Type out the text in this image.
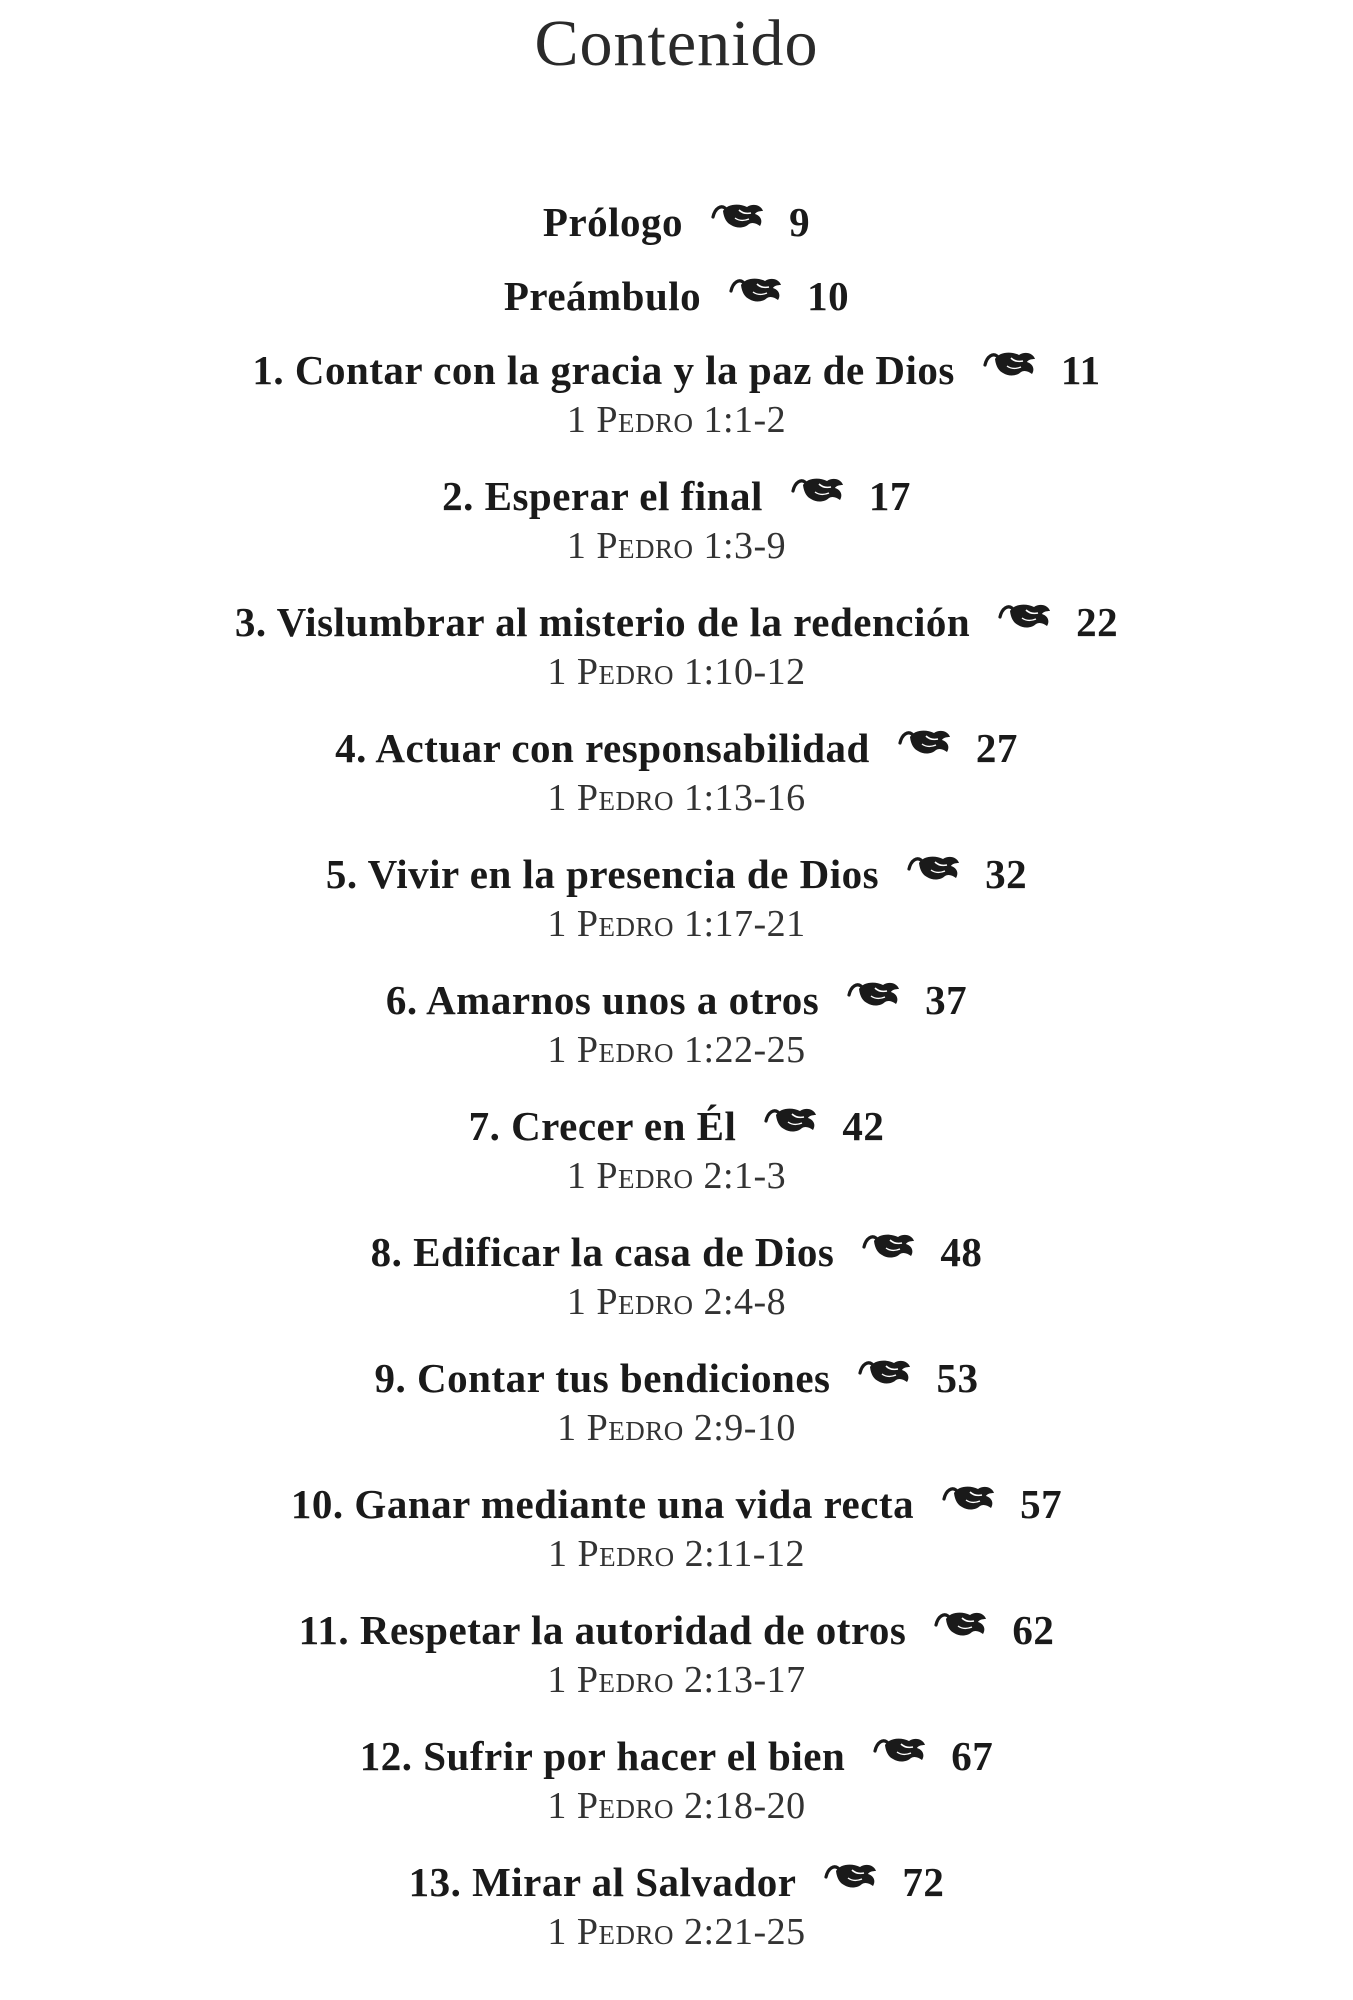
Contenido
Prólogo	9
Preámbulo	10
1. Contar con la gracia y la paz de Dios	11
1 Pedro 1:1-2
2. Esperar el final	17
1 Pedro 1:3-9
3. Vislumbrar al misterio de la redención	22
1 Pedro 1:10-12
4. Actuar con responsabilidad	27
1 Pedro 1:13-16
5. Vivir en la presencia de Dios	32
1 Pedro 1:17-21
6. Amarnos unos a otros	37
1 Pedro 1:22-25
7. Crecer en Él	42
1 Pedro 2:1-3
8. Edificar la casa de Dios	48
1 Pedro 2:4-8
9. Contar tus bendiciones	53
1 Pedro 2:9-10
10. Ganar mediante una vida recta	57
1 Pedro 2:11-12
11. Respetar la autoridad de otros	62
1 Pedro 2:13-17
12. Sufrir por hacer el bien	67
1 Pedro 2:18-20
13. Mirar al Salvador	72
1 Pedro 2:21-25
